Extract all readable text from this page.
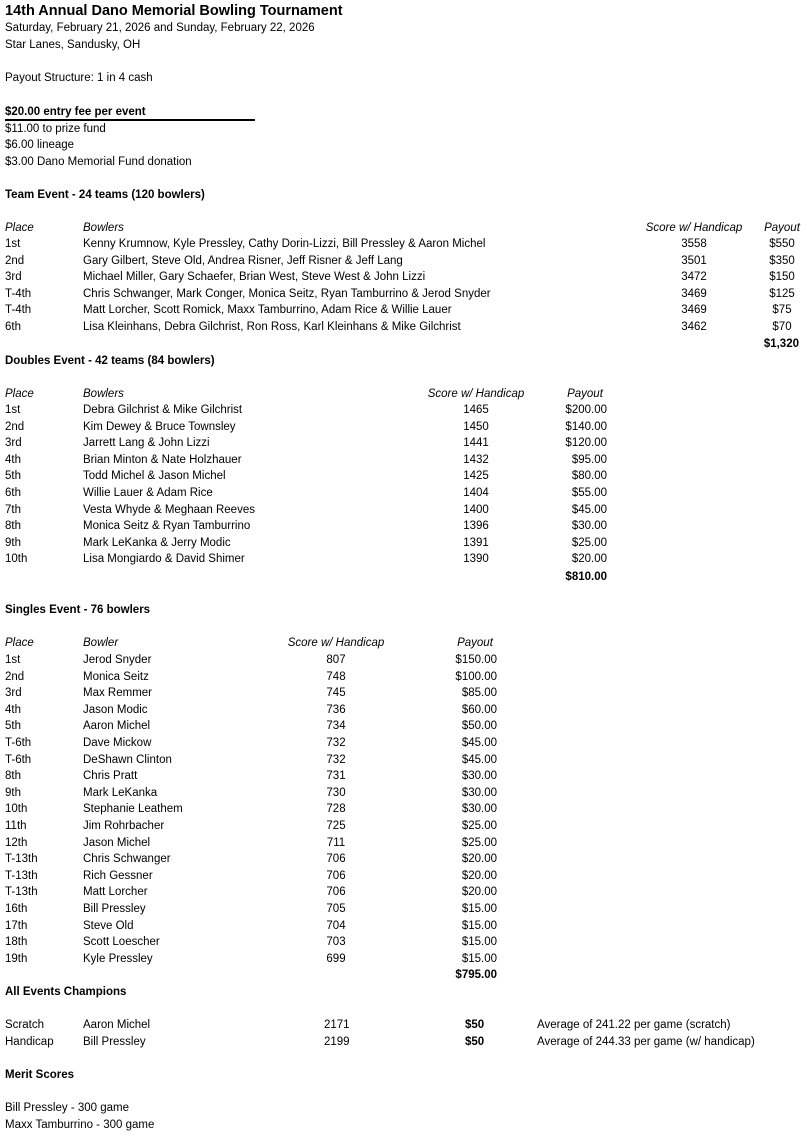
14th Annual Dano Memorial Bowling Tournament
Saturday, February 21, 2026 and Sunday, February 22, 2026
Star Lanes, Sandusky, OH
Payout Structure: 1 in 4 cash
$20.00 entry fee per event
$11.00 to prize fund
$6.00 lineage
$3.00 Dano Memorial Fund donation
Team Event - 24 teams (120 bowlers)
Place	Bowlers	Score w/ Handicap	Payout
1st	Kenny Krumnow, Kyle Pressley, Cathy Dorin-Lizzi, Bill Pressley & Aaron Michel	3558	$550
2nd	Gary Gilbert, Steve Old, Andrea Risner, Jeff Risner & Jeff Lang	3501	$350
3rd	Michael Miller, Gary Schaefer, Brian West, Steve West & John Lizzi	3472	$150
T-4th	Chris Schwanger, Mark Conger, Monica Seitz, Ryan Tamburrino & Jerod Snyder	3469	$125
T-4th	Matt Lorcher, Scott Romick, Maxx Tamburrino, Adam Rice & Willie Lauer	3469	$75
6th	Lisa Kleinhans, Debra Gilchrist, Ron Ross, Karl Kleinhans & Mike Gilchrist	3462	$70
$1,320
Doubles Event - 42 teams (84 bowlers)
Place	Bowlers	Score w/ Handicap	Payout
1st	Debra Gilchrist & Mike Gilchrist	1465	$200.00
2nd	Kim Dewey & Bruce Townsley	1450	$140.00
3rd	Jarrett Lang & John Lizzi	1441	$120.00
4th	Brian Minton & Nate Holzhauer	1432	$95.00
5th	Todd Michel & Jason Michel	1425	$80.00
6th	Willie Lauer & Adam Rice	1404	$55.00
7th	Vesta Whyde & Meghaan Reeves	1400	$45.00
8th	Monica Seitz & Ryan Tamburrino	1396	$30.00
9th	Mark LeKanka & Jerry Modic	1391	$25.00
10th	Lisa Mongiardo & David Shimer	1390	$20.00
$810.00
Singles Event - 76 bowlers
Place	Bowler	Score w/ Handicap	Payout
1st	Jerod Snyder	807	$150.00
2nd	Monica Seitz	748	$100.00
3rd	Max Remmer	745	$85.00
4th	Jason Modic	736	$60.00
5th	Aaron Michel	734	$50.00
T-6th	Dave Mickow	732	$45.00
T-6th	DeShawn Clinton	732	$45.00
8th	Chris Pratt	731	$30.00
9th	Mark LeKanka	730	$30.00
10th	Stephanie Leathem	728	$30.00
11th	Jim Rohrbacher	725	$25.00
12th	Jason Michel	711	$25.00
T-13th	Chris Schwanger	706	$20.00
T-13th	Rich Gessner	706	$20.00
T-13th	Matt Lorcher	706	$20.00
16th	Bill Pressley	705	$15.00
17th	Steve Old	704	$15.00
18th	Scott Loescher	703	$15.00
19th	Kyle Pressley	699	$15.00
$795.00
All Events Champions
Scratch	Aaron Michel	2171	$50	Average of 241.22 per game (scratch)
Handicap	Bill Pressley	2199	$50	Average of 244.33 per game (w/ handicap)
Merit Scores
Bill Pressley - 300 game
Maxx Tamburrino - 300 game
